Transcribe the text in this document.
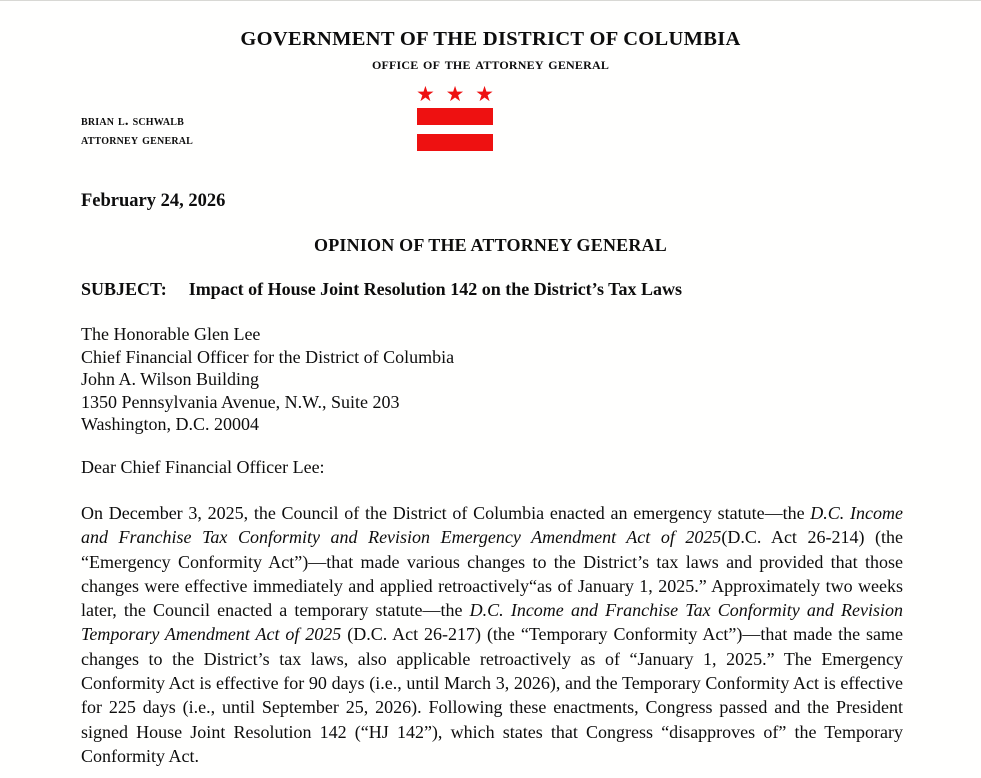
GOVERNMENT OF THE DISTRICT OF COLUMBIA
office of the attorney general
★ ★ ★
brian l. schwalb
attorney general
February 24, 2026
OPINION OF THE ATTORNEY GENERAL
SUBJECT: Impact of House Joint Resolution 142 on the District’s Tax Laws
The Honorable Glen Lee
Chief Financial Officer for the District of Columbia
John A. Wilson Building
1350 Pennsylvania Avenue, N.W., Suite 203
Washington, D.C. 20004
Dear Chief Financial Officer Lee:
On December 3, 2025, the Council of the District of Columbia enacted an emergency statute—the D.C. Income and Franchise Tax Conformity and Revision Emergency Amendment Act of 2025(D.C. Act 26-214) (the “Emergency Conformity Act”)—that made various changes to the District’s tax laws and provided that those changes were effective immediately and applied retroactively“as of January 1, 2025.” Approximately two weeks later, the Council enacted a temporary statute—the D.C. Income and Franchise Tax Conformity and Revision Temporary Amendment Act of 2025 (D.C. Act 26-217) (the “Temporary Conformity Act”)—that made the same changes to the District’s tax laws, also applicable retroactively as of “January 1, 2025.” The Emergency Conformity Act is effective for 90 days (i.e., until March 3, 2026), and the Temporary Conformity Act is effective for 225 days (i.e., until September 25, 2026). Following these enactments, Congress passed and the President signed House Joint Resolution 142 (“HJ 142”), which states that Congress “disapproves of” the Temporary Conformity Act.
